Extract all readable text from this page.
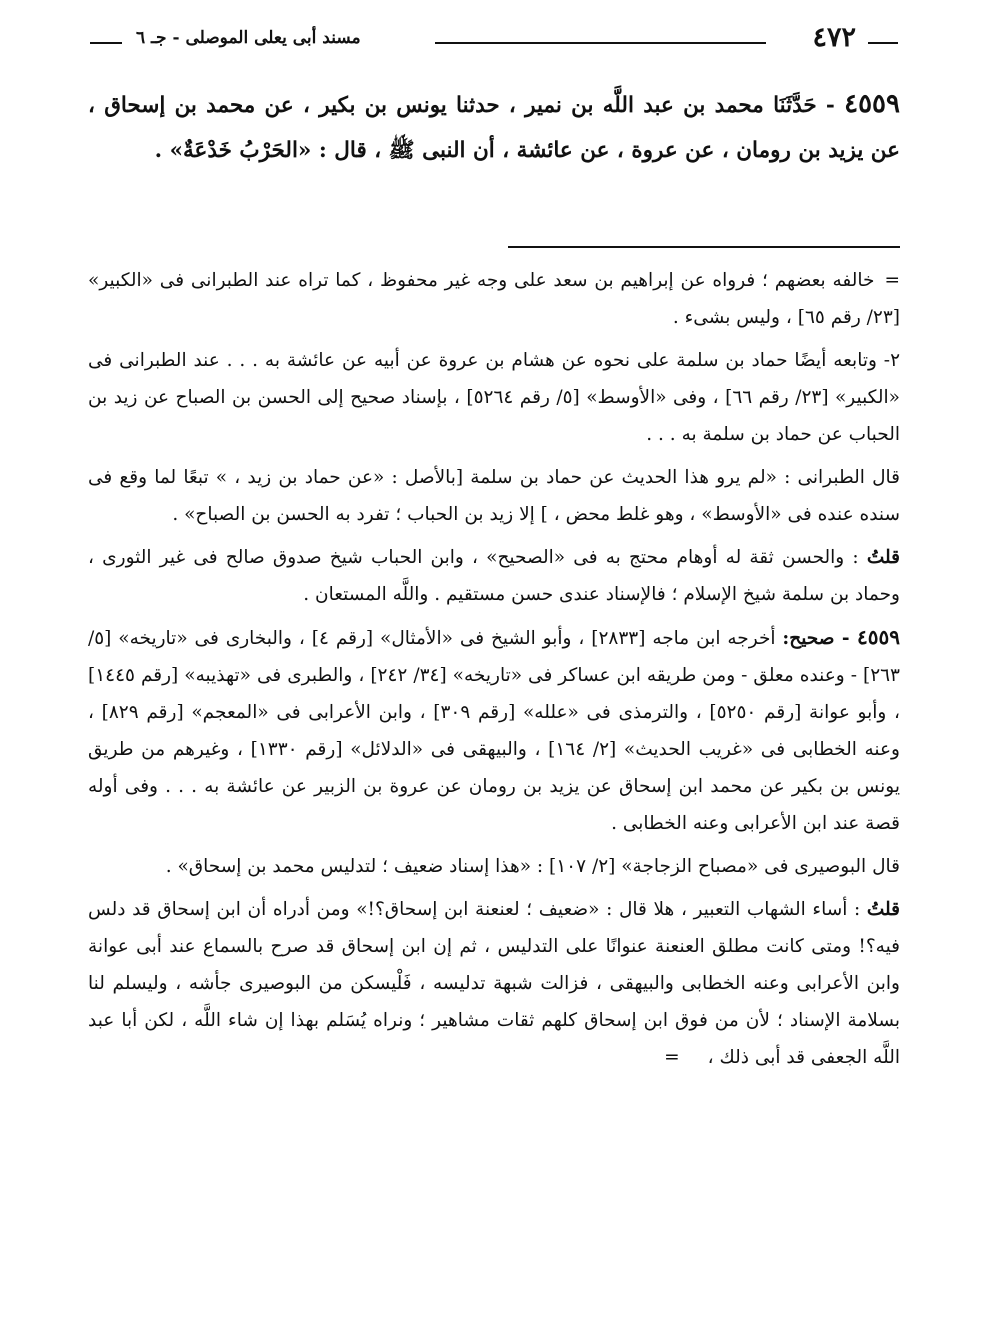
٤٧٢
مسند أبى يعلى الموصلى - جـ ٦
٤٥٥٩ - حَدَّثَنَا محمد بن عبد اللَّه بن نمير ، حدثنا يونس بن بكير ، عن محمد بن إسحاق ، عن يزيد بن رومان ، عن عروة ، عن عائشة ، أن النبى ﷺ ، قال : «الحَرْبُ خَدْعَةٌ» .

=خالفه بعضهم ؛ فرواه عن إبراهيم بن سعد على وجه غير محفوظ ، كما تراه عند الطبرانى فى «الكبير» [٢٣/ رقم ٦٥] ، وليس بشىء .

٢- وتابعه أيضًا حماد بن سلمة على نحوه عن هشام بن عروة عن أبيه عن عائشة به . . . عند الطبرانى فى «الكبير» [٢٣/ رقم ٦٦] ، وفى «الأوسط» [٥/ رقم ٥٢٦٤] ، بإسناد صحيح إلى الحسن بن الصباح عن زيد بن الحباب عن حماد بن سلمة به . . .

قال الطبرانى : «لم يرو هذا الحديث عن حماد بن سلمة [بالأصل : «عن حماد بن زيد ، » تبعًا لما وقع فى سنده عنده فى «الأوسط» ، وهو غلط محض ، ] إلا زيد بن الحباب ؛ تفرد به الحسن بن الصباح» .

قلتُ : والحسن ثقة له أوهام محتج به فى «الصحيح» ، وابن الحباب شيخ صدوق صالح فى غير الثورى ، وحماد بن سلمة شيخ الإسلام ؛ فالإسناد عندى حسن مستقيم . واللَّه المستعان .

٤٥٥٩ - صحيح: أخرجه ابن ماجه [٢٨٣٣] ، وأبو الشيخ فى «الأمثال» [رقم ٤] ، والبخارى فى «تاريخه» [٥/ ٢٦٣] - وعنده معلق - ومن طريقه ابن عساكر فى «تاريخه» [٣٤/ ٢٤٢] ، والطبرى فى «تهذيبه» [رقم ١٤٤٥] ، وأبو عوانة [رقم ٥٢٥٠] ، والترمذى فى «علله» [رقم ٣٠٩] ، وابن الأعرابى فى «المعجم» [رقم ٨٢٩] ، وعنه الخطابى فى «غريب الحديث» [٢/ ١٦٤] ، والبيهقى فى «الدلائل» [رقم ١٣٣٠] ، وغيرهم من طريق يونس بن بكير عن محمد ابن إسحاق عن يزيد بن رومان عن عروة بن الزبير عن عائشة به . . . وفى أوله قصة عند ابن الأعرابى وعنه الخطابى .

قال البوصيرى فى «مصباح الزجاجة» [٢/ ١٠٧] : «هذا إسناد ضعيف ؛ لتدليس محمد بن إسحاق» .

قلتُ : أساء الشهاب التعبير ، هلا قال : «ضعيف ؛ لعنعنة ابن إسحاق؟!» ومن أدراه أن ابن إسحاق قد دلس فيه؟! ومتى كانت مطلق العنعنة عنوانًا على التدليس ، ثم إن ابن إسحاق قد صرح بالسماع عند أبى عوانة وابن الأعرابى وعنه الخطابى والبيهقى ، فزالت شبهة تدليسه ، فَلْيسكن من البوصيرى جأشه ، وليسلم لنا بسلامة الإسناد ؛ لأن من فوق ابن إسحاق كلهم ثقات مشاهير ؛ ونراه يُسَلم بهذا إن شاء اللَّه ، لكن أبا عبد اللَّه الجعفى قد أبى ذلك ،=
